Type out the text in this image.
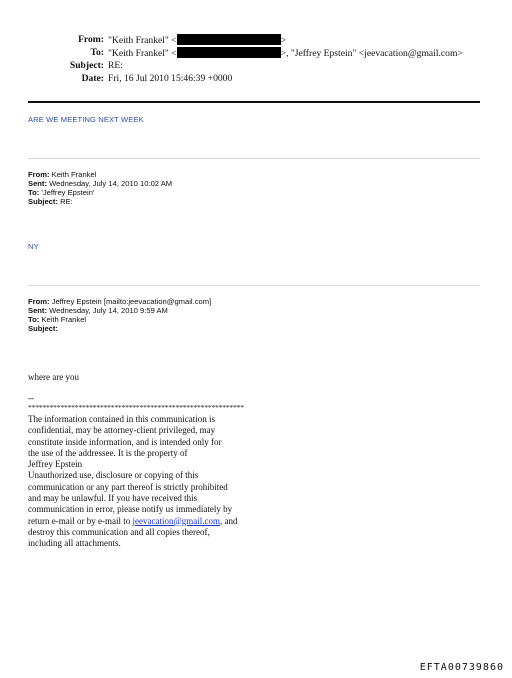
From: "Keith Frankel" <	>
To: "Keith Frankel" <	>, "Jeffrey Epstein" <jeevacation@gmail.com>
Subject: RE:
Date: Fri, 16 Jul 2010 15:46:39 +0000
ARE WE MEETING NEXT WEEK
From: Keith Frankel
Sent: Wednesday, July 14, 2010 10:02 AM
To: 'Jeffrey Epstein'
Subject: RE:
NY
From: Jeffrey Epstein [mailto:jeevacation@gmail.com]
Sent: Wednesday, July 14, 2010 9:59 AM
To: Keith Frankel
Subject:
where are you
--
************************************************************
The information contained in this communication is
confidential, may be attorney-client privileged, may
constitute inside information, and is intended only for
the use of the addressee. It is the property of
Jeffrey Epstein
Unauthorized use, disclosure or copying of this
communication or any part thereof is strictly prohibited
and may be unlawful. If you have received this
communication in error, please notify us immediately by
return e-mail or by e-mail to jeevacation@gmail.com, and
destroy this communication and all copies thereof,
including all attachments.
EFTA00739860
